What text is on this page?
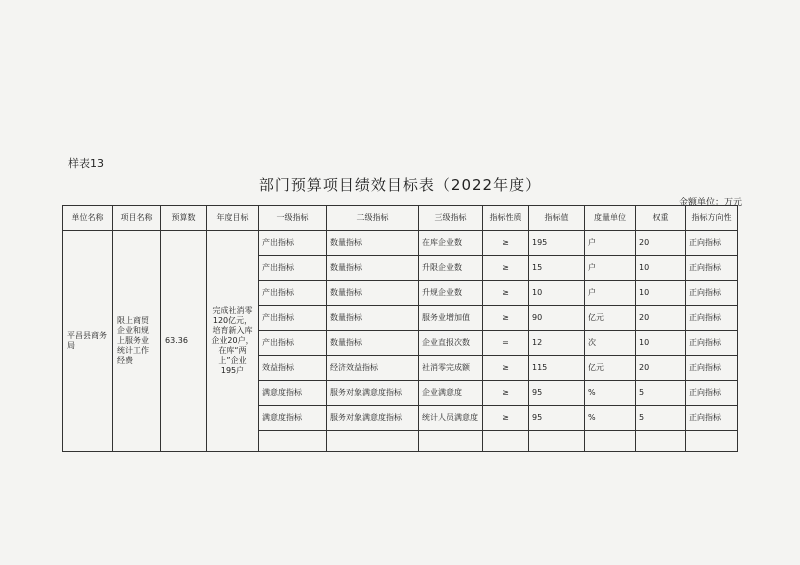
样表13
部门预算项目绩效目标表（2022年度）
金额单位：万元
单位名称	项目名称	预算数	年度目标	一级指标	二级指标	三级指标	指标性质	指标值	度量单位	权重	指标方向性
平昌县商务局	限上商贸企业和规上服务业统计工作经费	63.36	完成社消零120亿元，培育新入库企业20户，在库“两上”企业195户	产出指标	数量指标	在库企业数	≥	195	户	20	正向指标
				产出指标	数量指标	升限企业数	≥	15	户	10	正向指标
				产出指标	数量指标	升规企业数	≥	10	户	10	正向指标
				产出指标	数量指标	服务业增加值	≥	90	亿元	20	正向指标
				产出指标	数量指标	企业直报次数	=	12	次	10	正向指标
				效益指标	经济效益指标	社消零完成额	≥	115	亿元	20	正向指标
				满意度指标	服务对象满意度指标	企业满意度	≥	95	%	5	正向指标
				满意度指标	服务对象满意度指标	统计人员满意度	≥	95	%	5	正向指标
